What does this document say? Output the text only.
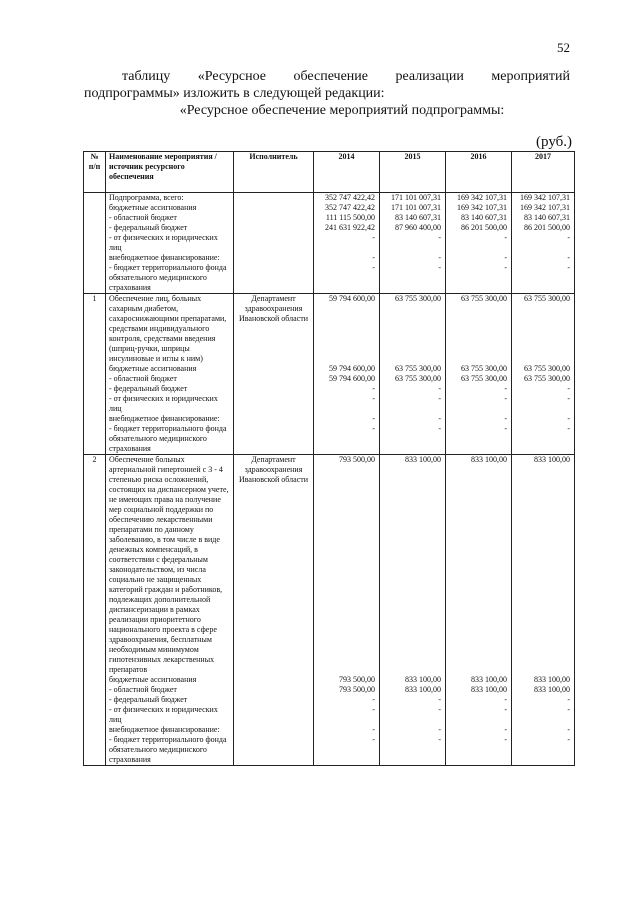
52
таблицу «Ресурсное обеспечение реализации мероприятий
подпрограммы» изложить в следующей редакции:
«Ресурсное обеспечение мероприятий подпрограммы:
(руб.)
№ п/п	Наименование мероприятия / источник ресурсного обеспечения	Исполнитель	2014	2015	2016	2017
	Подпрограмма, всего:		352 747 422,42	171 101 007,31	169 342 107,31	169 342 107,31
	бюджетные ассигнования		352 747 422,42	171 101 007,31	169 342 107,31	169 342 107,31
	- областной бюджет		111 115 500,00	83 140 607,31	83 140 607,31	83 140 607,31
	- федеральный бюджет		241 631 922,42	87 960 400,00	86 201 500,00	86 201 500,00
	- от физических и юридических лиц		-	-	-	-
	внебюджетное финансирование:		-	-	-	-
	- бюджет территориального фонда обязательного медицинского страхования		-	-	-	-
1	Обеспечение лиц, больных сахарным диабетом, сахароснижающими препаратами, средствами индивидуального контроля, средствами введения (шприц-ручки, шприцы инсулиновые и иглы к ним)	Департамент здравоохранения Ивановской области	59 794 600,00	63 755 300,00	63 755 300,00	63 755 300,00
	бюджетные ассигнования		59 794 600,00	63 755 300,00	63 755 300,00	63 755 300,00
	- областной бюджет		59 794 600,00	63 755 300,00	63 755 300,00	63 755 300,00
	- федеральный бюджет		-	-	-	-
	- от физических и юридических лиц		-	-	-	-
	внебюджетное финансирование:		-	-	-	-
	- бюджет территориального фонда обязательного медицинского страхования		-	-	-	-
2	Обеспечение больных артериальной гипертонией с 3 - 4 степенью риска осложнений, состоящих на диспансерном учете, не имеющих права на получение мер социальной поддержки по обеспечению лекарственными препаратами по данному заболеванию, в том числе в виде денежных компенсаций, в соответствии с федеральным законодательством, из числа социально не защищенных категорий граждан и работников, подлежащих дополнительной диспансеризации в рамках реализации приоритетного национального проекта в сфере здравоохранения, бесплатным необходимым минимумом гипотензивных лекарственных препаратов	Департамент здравоохранения Ивановской области	793 500,00	833 100,00	833 100,00	833 100,00
	бюджетные ассигнования		793 500,00	833 100,00	833 100,00	833 100,00
	- областной бюджет		793 500,00	833 100,00	833 100,00	833 100,00
	- федеральный бюджет		-	-	-	-
	- от физических и юридических лиц		-	-	-	-
	внебюджетное финансирование:		-	-	-	-
	- бюджет территориального фонда обязательного медицинского страхования		-	-	-	-
